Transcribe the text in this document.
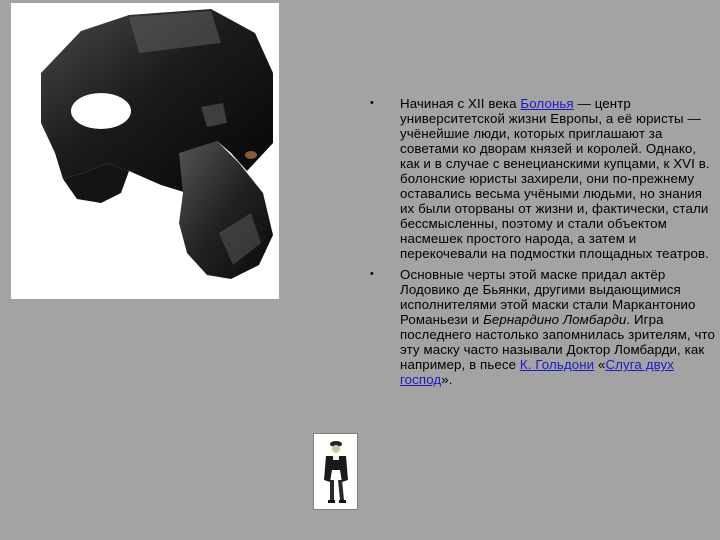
• Начиная с XII века Болонья — центр университетской жизни Европы, а её юристы — учёнейшие люди, которых приглашают за советами ко дворам князей и королей. Однако, как и в случае с венецианскими купцами, к XVI в. болонские юристы захирели, они по-прежнему оставались весьма учёными людьми, но знания их были оторваны от жизни и, фактически, стали бессмысленны, поэтому и стали объектом насмешек простого народа, а затем и перекочевали на подмостки площадных театров.
• Основные черты этой маске придал актёр Лодовико де Бьянки, другими выдающимися исполнителями этой маски стали Маркантонио Романьези и Бернардино Ломбарди. Игра последнего настолько запомнилась зрителям, что эту маску часто называли Доктор Ломбарди, как например, в пьесе К. Гольдони «Слуга двух господ».
